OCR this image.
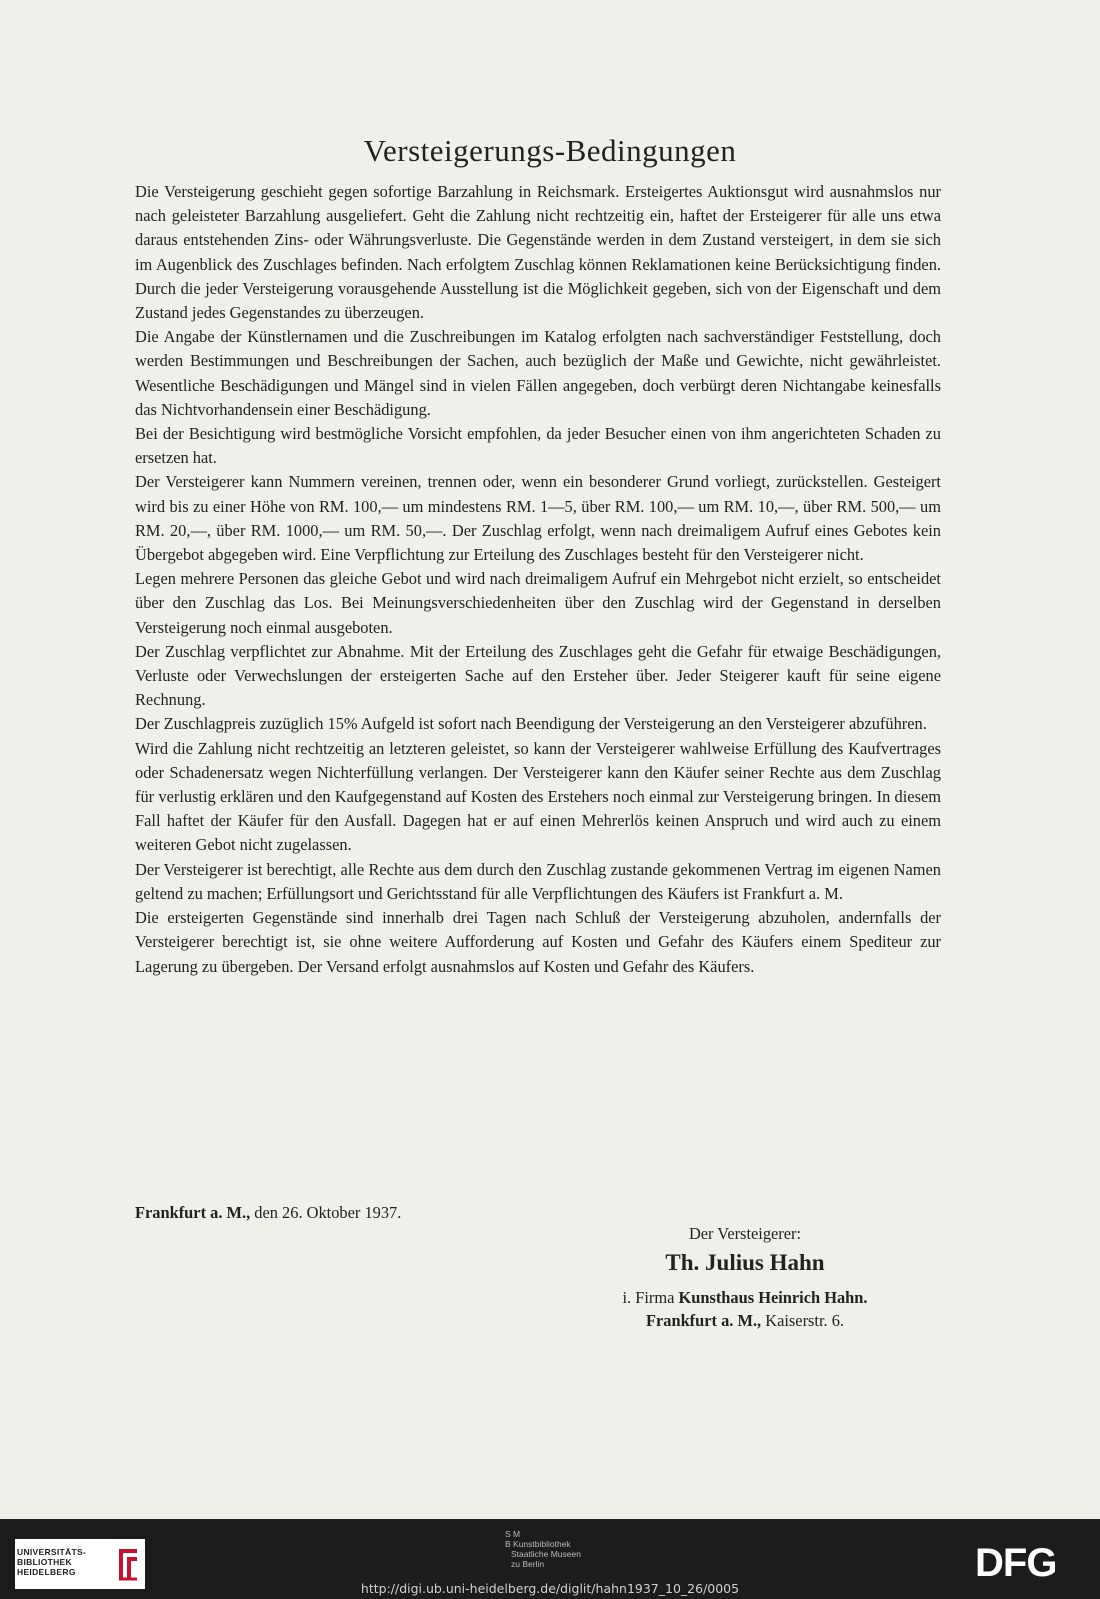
Versteigerungs-Bedingungen

Die Versteigerung geschieht gegen sofortige Barzahlung in Reichsmark. Ersteigertes Auktionsgut wird ausnahmslos nur nach geleisteter Barzahlung ausgeliefert. Geht die Zahlung nicht rechtzeitig ein, haftet der Ersteigerer für alle uns etwa daraus entstehenden Zins- oder Währungsverluste. Die Gegenstände werden in dem Zustand versteigert, in dem sie sich im Augenblick des Zuschlages befinden. Nach erfolgtem Zuschlag können Reklamationen keine Berücksichtigung finden. Durch die jeder Versteigerung vorausgehende Ausstellung ist die Möglichkeit gegeben, sich von der Eigenschaft und dem Zustand jedes Gegenstandes zu überzeugen.

Die Angabe der Künstlernamen und die Zuschreibungen im Katalog erfolgten nach sachverständiger Feststellung, doch werden Bestimmungen und Beschreibungen der Sachen, auch bezüglich der Maße und Gewichte, nicht gewährleistet. Wesentliche Beschädigungen und Mängel sind in vielen Fällen angegeben, doch verbürgt deren Nichtangabe keinesfalls das Nichtvorhandensein einer Beschädigung.

Bei der Besichtigung wird bestmögliche Vorsicht empfohlen, da jeder Besucher einen von ihm angerichteten Schaden zu ersetzen hat.

Der Versteigerer kann Nummern vereinen, trennen oder, wenn ein besonderer Grund vorliegt, zurückstellen. Gesteigert wird bis zu einer Höhe von RM. 100,— um mindestens RM. 1—5, über RM. 100,— um RM. 10,—, über RM. 500,— um RM. 20,—, über RM. 1000,— um RM. 50,—. Der Zuschlag erfolgt, wenn nach dreimaligem Aufruf eines Gebotes kein Übergebot abgegeben wird. Eine Verpflichtung zur Erteilung des Zuschlages besteht für den Versteigerer nicht.

Legen mehrere Personen das gleiche Gebot und wird nach dreimaligem Aufruf ein Mehrgebot nicht erzielt, so entscheidet über den Zuschlag das Los. Bei Meinungsverschiedenheiten über den Zuschlag wird der Gegenstand in derselben Versteigerung noch einmal ausgeboten.

Der Zuschlag verpflichtet zur Abnahme. Mit der Erteilung des Zuschlages geht die Gefahr für etwaige Beschädigungen, Verluste oder Verwechslungen der ersteigerten Sache auf den Ersteher über. Jeder Steigerer kauft für seine eigene Rechnung.

Der Zuschlagpreis zuzüglich 15% Aufgeld ist sofort nach Beendigung der Versteigerung an den Versteigerer abzuführen.

Wird die Zahlung nicht rechtzeitig an letzteren geleistet, so kann der Versteigerer wahlweise Erfüllung des Kaufvertrages oder Schadenersatz wegen Nichterfüllung verlangen. Der Versteigerer kann den Käufer seiner Rechte aus dem Zuschlag für verlustig erklären und den Kaufgegenstand auf Kosten des Erstehers noch einmal zur Versteigerung bringen. In diesem Fall haftet der Käufer für den Ausfall. Dagegen hat er auf einen Mehrerlös keinen Anspruch und wird auch zu einem weiteren Gebot nicht zugelassen.

Der Versteigerer ist berechtigt, alle Rechte aus dem durch den Zuschlag zustande gekommenen Vertrag im eigenen Namen geltend zu machen; Erfüllungsort und Gerichtsstand für alle Verpflichtungen des Käufers ist Frankfurt a. M.

Die ersteigerten Gegenstände sind innerhalb drei Tagen nach Schluß der Versteigerung abzuholen, andernfalls der Versteigerer berechtigt ist, sie ohne weitere Aufforderung auf Kosten und Gefahr des Käufers einem Spediteur zur Lagerung zu übergeben. Der Versand erfolgt ausnahmslos auf Kosten und Gefahr des Käufers.

Frankfurt a. M., den 26. Oktober 1937.
Der Versteigerer:
Th. Julius Hahn
i. Firma Kunsthaus Heinrich Hahn.
Frankfurt a. M., Kaiserstr. 6.
UNIVERSITÄTS-
BIBLIOTHEK
HEIDELBERG
S M
B Kunstbibliothek
Staatliche Museen
zu Berlin	DFG
http://digi.ub.uni-heidelberg.de/diglit/hahn1937_10_26/0005
